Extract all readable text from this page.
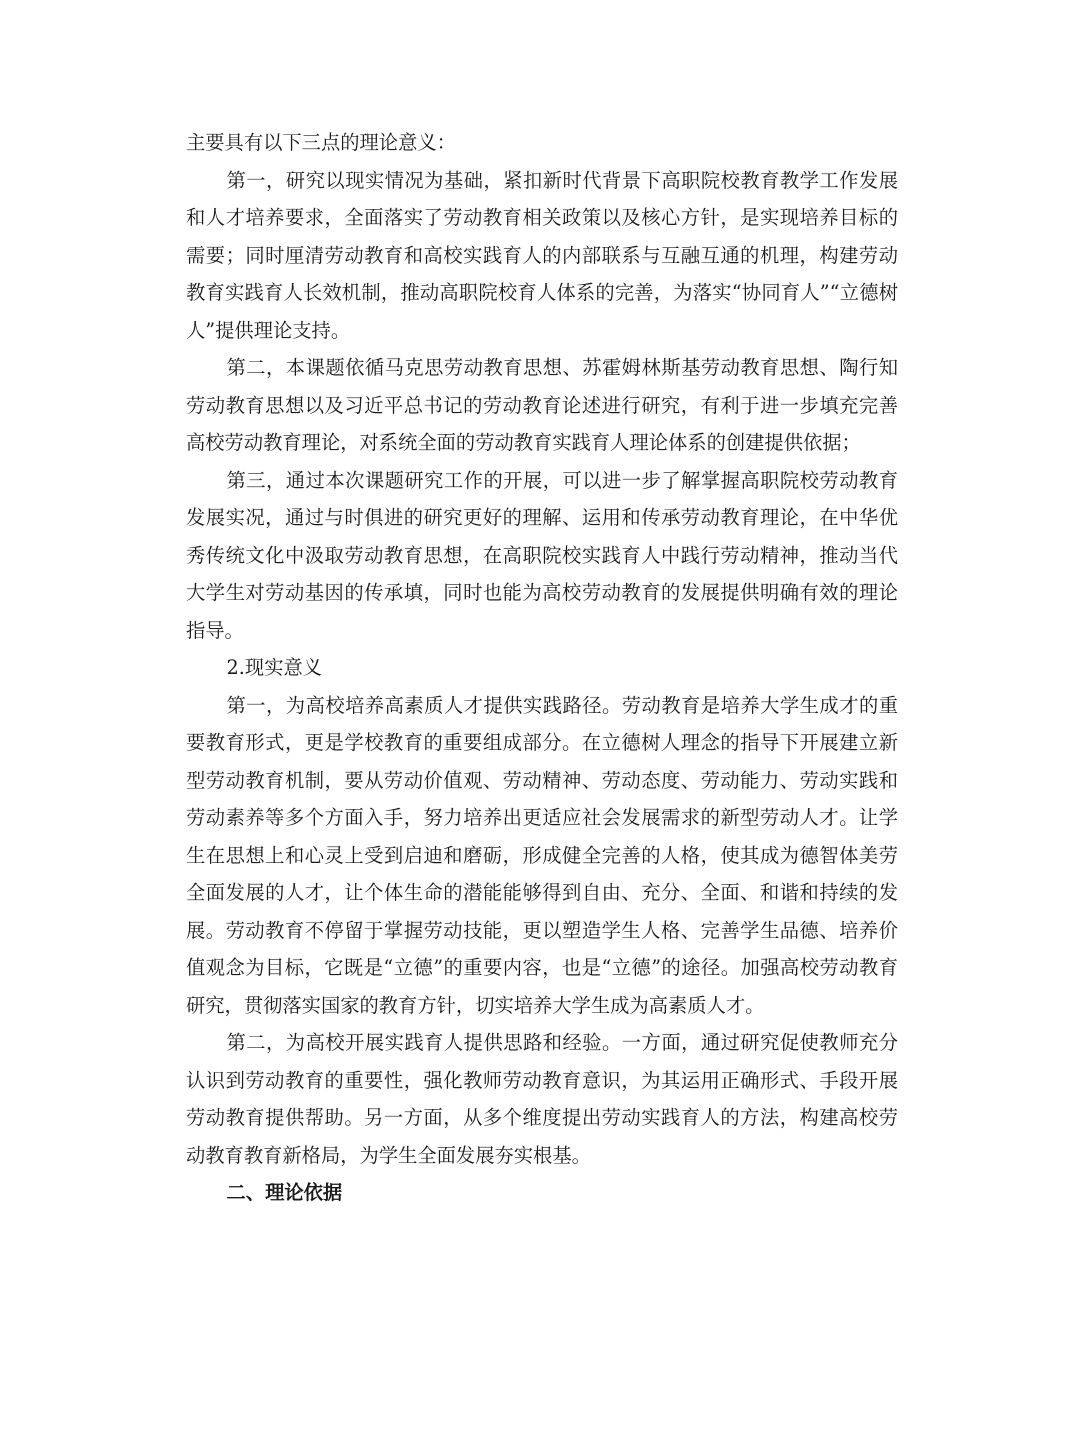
主要具有以下三点的理论意义：

第一，研究以现实情况为基础，紧扣新时代背景下高职院校教育教学工作发展和人才培养要求，全面落实了劳动教育相关政策以及核心方针，是实现培养目标的需要；同时厘清劳动教育和高校实践育人的内部联系与互融互通的机理，构建劳动教育实践育人长效机制，推动高职院校育人体系的完善，为落实“协同育人”“立德树人”提供理论支持。

第二，本课题依循马克思劳动教育思想、苏霍姆林斯基劳动教育思想、陶行知劳动教育思想以及习近平总书记的劳动教育论述进行研究，有利于进一步填充完善高校劳动教育理论，对系统全面的劳动教育实践育人理论体系的创建提供依据；

第三，通过本次课题研究工作的开展，可以进一步了解掌握高职院校劳动教育发展实况，通过与时俱进的研究更好的理解、运用和传承劳动教育理论，在中华优秀传统文化中汲取劳动教育思想，在高职院校实践育人中践行劳动精神，推动当代大学生对劳动基因的传承填，同时也能为高校劳动教育的发展提供明确有效的理论指导。

2.现实意义

第一，为高校培养高素质人才提供实践路径。劳动教育是培养大学生成才的重要教育形式，更是学校教育的重要组成部分。在立德树人理念的指导下开展建立新型劳动教育机制，要从劳动价值观、劳动精神、劳动态度、劳动能力、劳动实践和劳动素养等多个方面入手，努力培养出更适应社会发展需求的新型劳动人才。让学生在思想上和心灵上受到启迪和磨砺，形成健全完善的人格，使其成为德智体美劳全面发展的人才，让个体生命的潜能能够得到自由、充分、全面、和谐和持续的发展。劳动教育不停留于掌握劳动技能，更以塑造学生人格、完善学生品德、培养价值观念为目标，它既是“立德”的重要内容，也是“立德”的途径。加强高校劳动教育研究，贯彻落实国家的教育方针，切实培养大学生成为高素质人才。

第二，为高校开展实践育人提供思路和经验。一方面，通过研究促使教师充分认识到劳动教育的重要性，强化教师劳动教育意识，为其运用正确形式、手段开展劳动教育提供帮助。另一方面，从多个维度提出劳动实践育人的方法，构建高校劳动教育教育新格局，为学生全面发展夯实根基。

二、理论依据
